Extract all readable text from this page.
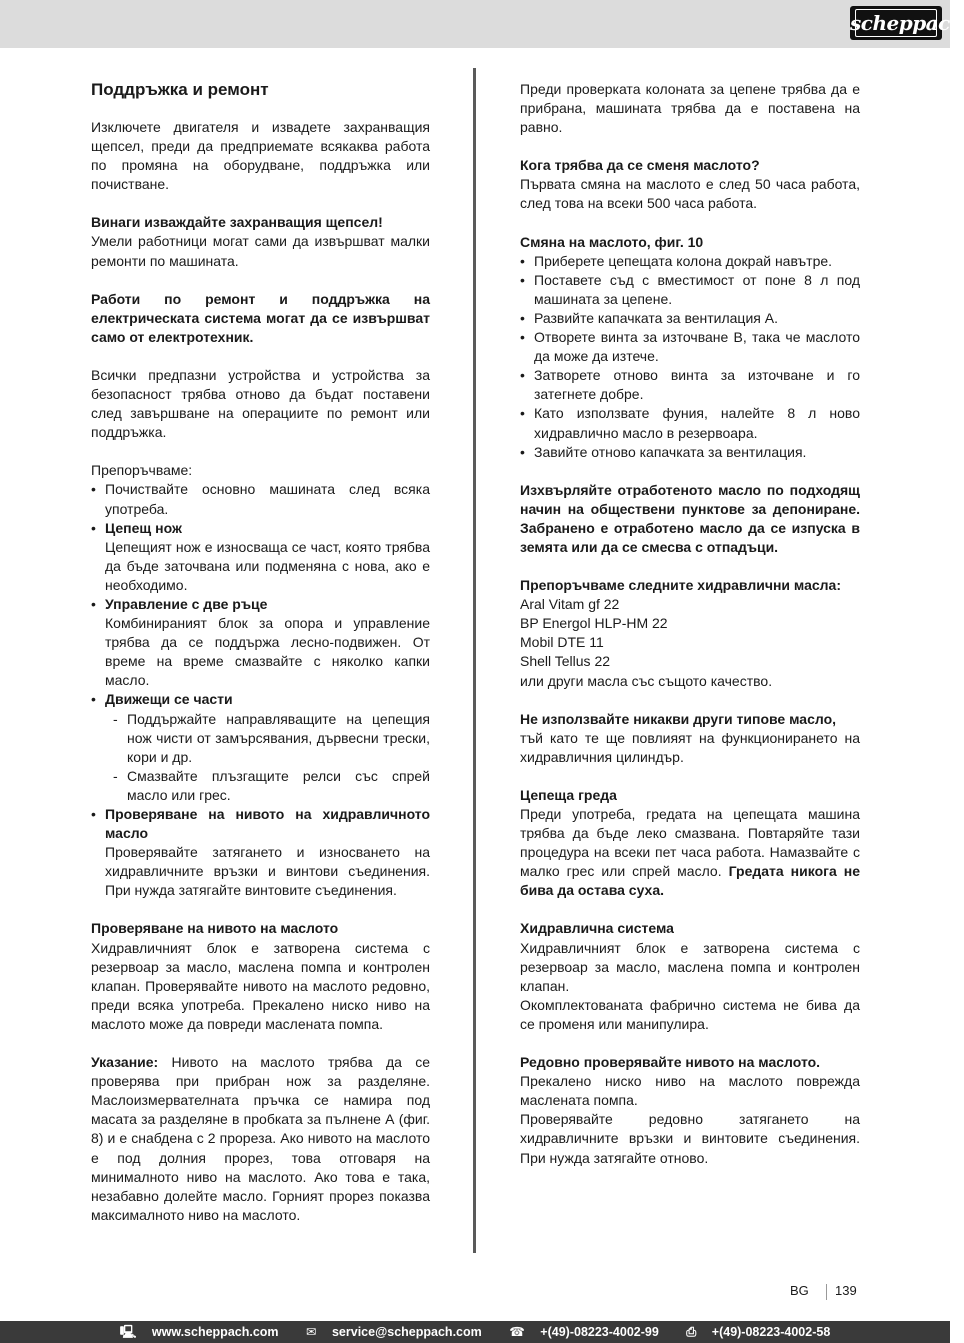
scheppach
Поддръжка и ремонт

Изключете двигателя и извадете захранващия щепсел, преди да предприемате всякаква работа по промяна на оборудване, поддръжка или почистване.

Винаги изваждайте захранващия щепсел!
Умели работници могат сами да извършват малки ремонти по машината.

Работи по ремонт и поддръжка на електрическата система могат да се извършват само от електротехник.

Всички предпазни устройства и устройства за безопасност трябва отново да бъдат поставени след завършване на операциите по ремонт или поддръжка.

Препоръчваме:

• Почиствайте основно машината след всяка употреба.
• Цепещ нож
Цепещият нож е износваща се част, която трябва да бъде заточвана или подменяна с нова, ако е необходимо.
• Управление с две ръце
Комбинираният блок за опора и управление трябва да се поддържа лесно-подвижен. От време на време смазвайте с няколко капки масло.
• Движещи се части
- Поддържайте направляващите на цепещия нож чисти от замърсявания, дървесни трески, кори и др.
- Смазвайте плъзгащите релси със спрей масло или грес.
• Проверяване на нивото на хидравличното масло
Проверявайте затягането и износването на хидравличните връзки и винтови съединения. При нужда затягайте винтовите съединения.

Проверяване на нивото на маслото
Хидравличният блок е затворена система с резервоар за масло, маслена помпа и контролен клапан. Проверявайте нивото на маслото редовно, преди всяка употреба. Прекалено ниско ниво на маслото може да повреди маслената помпа.

Указание: Нивото на маслото трябва да се проверява при прибран нож за разделяне. Маслоизмервателната пръчка се намира под масата за разделяне в пробката за пълнене А (фиг. 8) и е снабдена с 2 прореза. Ако нивото на маслото е под долния прорез, това отговаря на минималното ниво на маслото. Ако това е така, незабавно долейте масло. Горният прорез показва максималното ниво на маслото.

Преди проверката колоната за цепене трябва да е прибрана, машината трябва да е поставена на равно.

Кога трябва да се сменя маслото?
Първата смяна на маслото е след 50 часа работа, след това на всеки 500 часа работа.

Смяна на маслото, фиг. 10

• Приберете цепещата колона докрай навътре.
• Поставете съд с вместимост от поне 8 л под машината за цепене.
• Развийте капачката за вентилация А.
• Отворете винта за източване В, така че маслото да може да изтече.
• Затворете отново винта за източване и го затегнете добре.
• Като използвате фуния, налейте 8 л ново хидравлично масло в резервоара.
• Завийте отново капачката за вентилация.

Изхвърляйте отработеното масло по подходящ начин на обществени пунктове за депониране. Забранено е отработено масло да се изпуска в земята или да се смесва с отпадъци.

Препоръчваме следните хидравлични масла:
Aral Vitam gf 22
BP Energol HLP-HM 22
Mobil DTE 11
Shell Tellus 22
или други масла със същото качество.

Не използвайте никакви други типове масло,
тъй като те ще повлияят на функционирането на хидравличния цилиндър.

Цепеща греда
Преди употреба, гредата на цепещата машина трябва да бъде леко смазвана. Повтаряйте тази процедура на всеки пет часа работа. Намазвайте с малко грес или спрей масло. Гредата никога не бива да остава суха.

Хидравлична система
Хидравличният блок е затворена система с резервоар за масло, маслена помпа и контролен клапан.
Окомплектованата фабрично система не бива да се променя или манипулира.

Редовно проверявайте нивото на маслото.
Прекалено ниско ниво на маслото поврежда маслената помпа.
Проверявайте редовно затягането на хидравличните връзки и винтовите съединения. При нужда затягайте отново.

BG 139
🖳 www.scheppach.com ✉ service@scheppach.com ☎ +(49)-08223-4002-99 ⎙ +(49)-08223-4002-58
